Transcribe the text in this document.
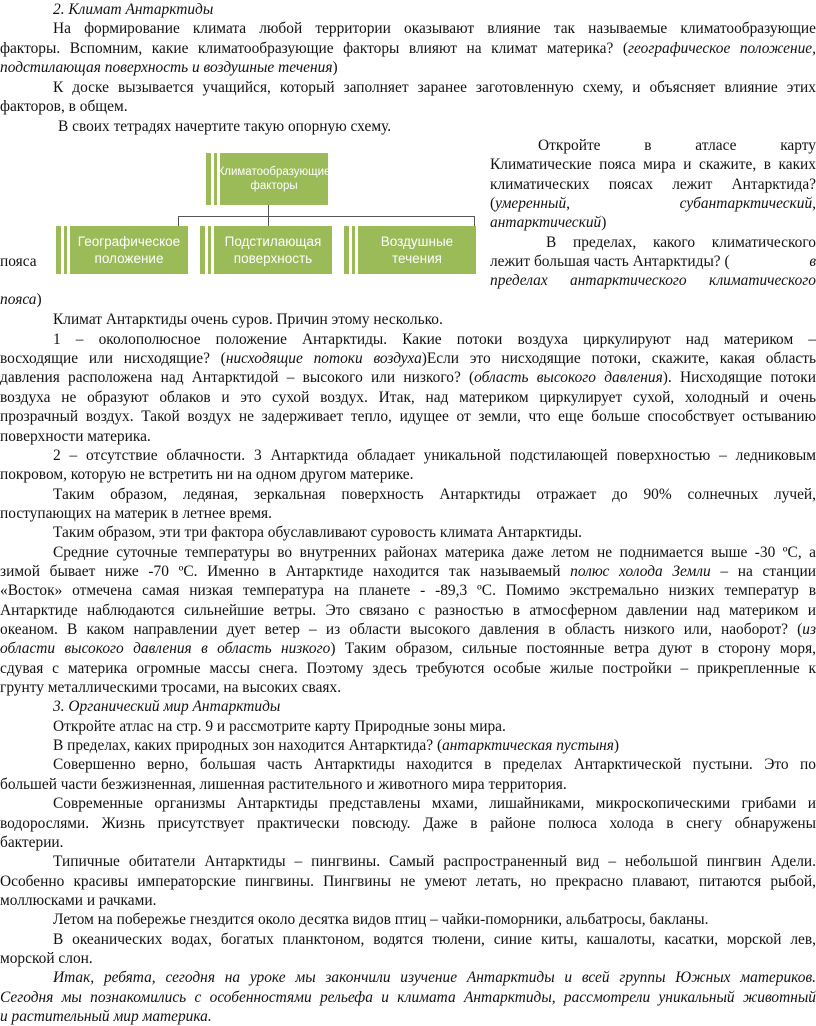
2. Климат Антарктиды
На формирование климата любой территории оказывают влияние так называемые климатообразующие
факторы. Вспомним, какие климатообразующие факторы влияют на климат материка? (географическое положение,
подстилающая поверхность и воздушные течения)
К доске вызывается учащийся, который заполняет заранее заготовленную схему, и объясняет влияние этих
факторов, в общем.
В своих тетрадях начертите такую опорную схему.
Климатообразующие факторы
Географическое положение
Подстилающая поверхность
Воздушные течения
Откройте	в	атласе	карту
Климатические пояса мира и скажите, в каких
климатических поясах лежит Антарктида?
(умеренный,	субантарктический,
антарктический)
В пределах, какого климатического
пояса	лежит большая часть Антарктиды? (	в
пределах антарктического климатического
пояса)
Климат Антарктиды очень суров. Причин этому несколько.
1 – околополюсное положение Антарктиды. Какие потоки воздуха циркулируют над материком –
восходящие или нисходящие? (нисходящие потоки воздуха)Если это нисходящие потоки, скажите, какая область
давления расположена над Антарктидой – высокого или низкого? (область высокого давления). Нисходящие потоки
воздуха не образуют облаков и это сухой воздух. Итак, над материком циркулирует сухой, холодный и очень
прозрачный воздух. Такой воздух не задерживает тепло, идущее от земли, что еще больше способствует остыванию
поверхности материка.
2 – отсутствие облачности. 3 Антарктида обладает уникальной подстилающей поверхностью – ледниковым
покровом, которую не встретить ни на одном другом материке.
Таким образом, ледяная, зеркальная поверхность Антарктиды отражает до 90% солнечных лучей,
поступающих на материк в летнее время.
Таким образом, эти три фактора обуславливают суровость климата Антарктиды.
Средние суточные температуры во внутренних районах материка даже летом не поднимается выше -30 ºС, а
зимой бывает ниже -70 ºС. Именно в Антарктиде находится так называемый полюс холода Земли – на станции
«Восток» отмечена самая низкая температура на планете - -89,3 ºС. Помимо экстремально низких температур в
Антарктиде наблюдаются сильнейшие ветры. Это связано с разностью в атмосферном давлении над материком и
океаном. В каком направлении дует ветер – из области высокого давления в область низкого или, наоборот? (из
области высокого давления в область низкого) Таким образом, сильные постоянные ветра дуют в сторону моря,
сдувая с материка огромные массы снега. Поэтому здесь требуются особые жилые постройки – прикрепленные к
грунту металлическими тросами, на высоких сваях.
3. Органический мир Антарктиды
Откройте атлас на стр. 9 и рассмотрите карту Природные зоны мира.
В пределах, каких природных зон находится Антарктида? (антарктическая пустыня)
Совершенно верно, большая часть Антарктиды находится в пределах Антарктической пустыни. Это по
большей части безжизненная, лишенная растительного и животного мира территория.
Современные организмы Антарктиды представлены мхами, лишайниками, микроскопическими грибами и
водорослями. Жизнь присутствует практически повсюду. Даже в районе полюса холода в снегу обнаружены
бактерии.
Типичные обитатели Антарктиды – пингвины. Самый распространенный вид – небольшой пингвин Адели.
Особенно красивы императорские пингвины. Пингвины не умеют летать, но прекрасно плавают, питаются рыбой,
моллюсками и рачками.
Летом на побережье гнездится около десятка видов птиц – чайки-поморники, альбатросы, бакланы.
В океанических водах, богатых планктоном, водятся тюлени, синие киты, кашалоты, касатки, морской лев,
морской слон.
Итак, ребята, сегодня на уроке мы закончили изучение Антарктиды и всей группы Южных материков.
Сегодня мы познакомились с особенностями рельефа и климата Антарктиды, рассмотрели уникальный животный
и растительный мир материка.
